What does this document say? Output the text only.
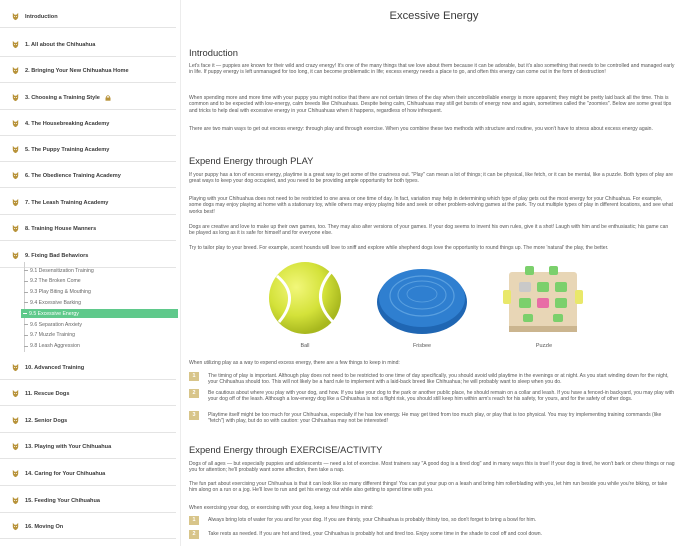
Introduction
1. All about the Chihuahua
2. Bringing Your New Chihuahua Home
3. Choosing a Training Style
4. The Housebreaking Academy
5. The Puppy Training Academy
6. The Obedience Training Academy
7. The Leash Training Academy
8. Training House Manners
9. Fixing Bad Behaviors
10. Advanced Training
11. Rescue Dogs
12. Senior Dogs
13. Playing with Your Chihuahua
14. Caring for Your Chihuahua
15. Feeding Your Chihuahua
16. Moving On
9.1 Desensitization Training
9.2 The Broken Come
9.3 Play Biting & Mouthing
9.4 Excessive Barking
9.5 Excessive Energy
9.6 Separation Anxiety
9.7 Muzzle Training
9.8 Leash Aggression
Excessive Energy
Introduction

Let's face it — puppies are known for their wild and crazy energy! It's one of the many things that we love about them because it can be adorable, but it's also something that needs to be controlled and managed early in life. If puppy energy is left unmanaged for too long, it can become problematic in life; excess energy needs a place to go, and often this energy can come out in the form of destruction!

When spending more and more time with your puppy you might notice that there are not certain times of the day when their uncontrollable energy is more apparent; they might be pretty laid back all the time. This is common and to be expected with low-energy, calm breeds like Chihuahuas. Despite being calm, Chihuahuas may still get bursts of energy now and again, sometimes called the "zoomies". Below are some great tips and tricks to help deal with excessive energy in your Chihuahuas when it happens, regardless of how infrequent.

There are two main ways to get out excess energy: through play and through exercise. When you combine these two methods with structure and routine, you won't have to stress about excess energy again.

Expend Energy through PLAY

If your puppy has a ton of excess energy, playtime is a great way to get some of the craziness out. "Play" can mean a lot of things; it can be physical, like fetch, or it can be mental, like a puzzle. Both types of play are great ways to keep your dog occupied, and you need to be providing ample opportunity for both types.

Playing with your Chihuahua does not need to be restricted to one area or one time of day. In fact, variation may help in determining which type of play gets out the most energy for your Chihuahua. For example, some dogs may enjoy playing at home with a stationary toy, while others may enjoy playing hide and seek or other problem-solving games at the park. Try out multiple types of play in different locations, and see what works best!

Dogs are creative and love to make up their own games, too. They may also alter versions of your games. If your dog seems to invent his own rules, give it a shot! Laugh with him and be enthusiastic; his game can be played as long as it is safe for himself and for everyone else.

Try to tailor play to your breed. For example, scent hounds will love to sniff and explore while shepherd dogs love the opportunity to round things up. The more 'natural' the play, the better.

Ball	Frisbee	Puzzle

When utilizing play as a way to expend excess energy, there are a few things to keep in mind:

1	The timing of play is important. Although play does not need to be restricted to one time of day specifically, you should avoid wild playtime in the evenings or at night. As you start winding down for the night, your Chihuahua should too. This will not likely be a hard rule to implement with a laid-back breed like Chihuahua; he will probably want to sleep when you do.
2	Be cautious about where you play with your dog, and how. If you take your dog to the park or another public place, he should remain on a collar and leash. If you have a fenced-in backyard, you may play with your dog off of the leash. Although a low-energy dog like a Chihuahua is not a flight risk, you should still keep him within arm's reach for his safety, for yours, and for the safety of other dogs.
3	Playtime itself might be too much for your Chihuahua, especially if he has low energy. He may get tired from too much play, or play that is too physical. You may try implementing training commands (like "fetch") with play, but do so with caution: your Chihuahua may not be interested!
Expend Energy through EXERCISE/ACTIVITY

Dogs of all ages — but especially puppies and adolescents — need a lot of exercise. Most trainers say "A good dog is a tired dog" and in many ways this is true! If your dog is tired, he won't bark or chew things or nag you for attention; he'll probably want some affection, then take a nap.

The fun part about exercising your Chihuahua is that it can look like so many different things! You can put your pup on a leash and bring him rollerblading with you, let him run beside you while you're biking, or take him along on a run or a jog. He'll love to run and get his energy out while also getting to spend time with you.

When exercising your dog, or exercising with your dog, keep a few things in mind:

1	Always bring lots of water for you and for your dog. If you are thirsty, your Chihuahua is probably thirsty too, so don't forget to bring a bowl for him.
2	Take rests as needed. If you are hot and tired, your Chihuahua is probably hot and tired too. Enjoy some time in the shade to cool off and cool down.
